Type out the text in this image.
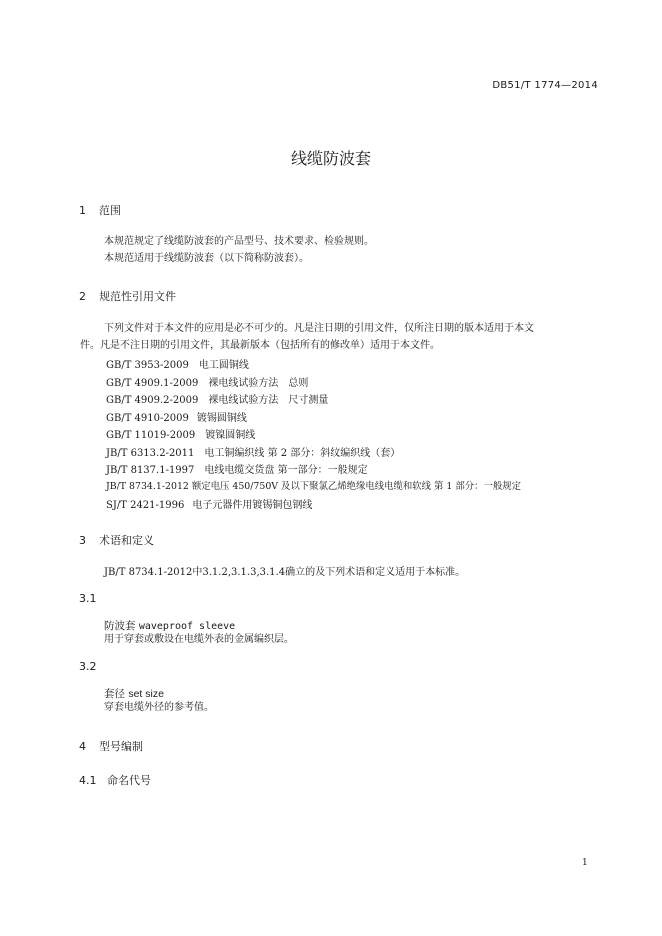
DB51/T 1774—2014
线缆防波套
1 范围
本规范规定了线缆防波套的产品型号、技术要求、检验规则。
本规范适用于线缆防波套（以下简称防波套）。
2 规范性引用文件
下列文件对于本文件的应用是必不可少的。凡是注日期的引用文件，仅所注日期的版本适用于本文
件。凡是不注日期的引用文件，其最新版本（包括所有的修改单）适用于本文件。
GB/T 3953-2009 电工圆铜线
GB/T 4909.1-2009 裸电线试验方法　总则
GB/T 4909.2-2009 裸电线试验方法　尺寸测量
GB/T 4910-2009 镀锡圆铜线
GB/T 11019-2009 镀镍圆铜线
JB/T 6313.2-2011 电工铜编织线 第 2 部分：斜纹编织线（套）
JB/T 8137.1-1997 电线电缆交货盘 第一部分：一般规定
JB/T 8734.1-2012 额定电压 450/750V 及以下聚氯乙烯绝缘电线电缆和软线 第 1 部分：一般规定
SJ/T 2421-1996 电子元器件用镀锡铜包钢线
3 术语和定义
JB/T 8734.1-2012中3.1.2,3.1.3,3.1.4确立的及下列术语和定义适用于本标准。
3.1
防波套 waveproof sleeve
用于穿套或敷设在电缆外表的金属编织层。
3.2
套径 set size
穿套电缆外径的参考值。
4 型号编制
4.1 命名代号
1
